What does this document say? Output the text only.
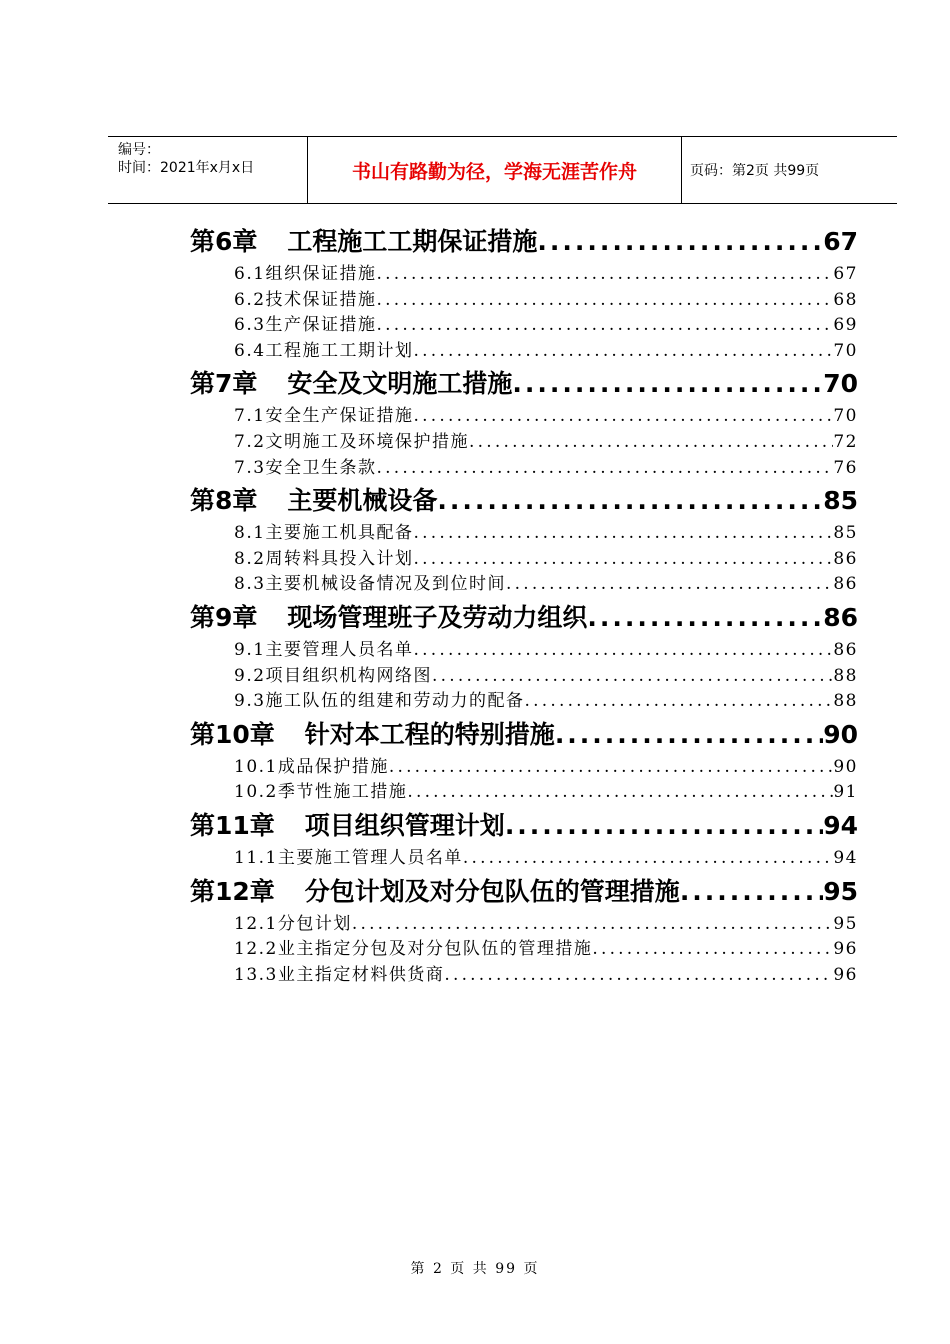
编号：
时间：2021年x月x日	书山有路勤为径，学海无涯苦作舟	页码：第2页 共99页
第6章 工程施工工期保证措施 .....	67
6.1组织保证措施 .....	67
6.2技术保证措施 .....	68
6.3生产保证措施 .....	69
6.4工程施工工期计划 .....	70
第7章 安全及文明施工措施 .....	70
7.1安全生产保证措施 .....	70
7.2文明施工及环境保护措施 .....	72
7.3安全卫生条款 .....	76
第8章 主要机械设备 .....	85
8.1主要施工机具配备 .....	85
8.2周转料具投入计划 .....	86
8.3主要机械设备情况及到位时间 .....	86
第9章 现场管理班子及劳动力组织 .....	86
9.1主要管理人员名单 .....	86
9.2项目组织机构网络图 .....	88
9.3施工队伍的组建和劳动力的配备 .....	88
第10章 针对本工程的特别措施 .....	90
10.1成品保护措施 .....	90
10.2季节性施工措施 .....	91
第11章 项目组织管理计划 .....	94
11.1主要施工管理人员名单 .....	94
第12章 分包计划及对分包队伍的管理措施 .....	95
12.1分包计划 .....	95
12.2业主指定分包及对分包队伍的管理措施 .....	96
13.3业主指定材料供货商 .....	96
第 2 页 共 99 页
